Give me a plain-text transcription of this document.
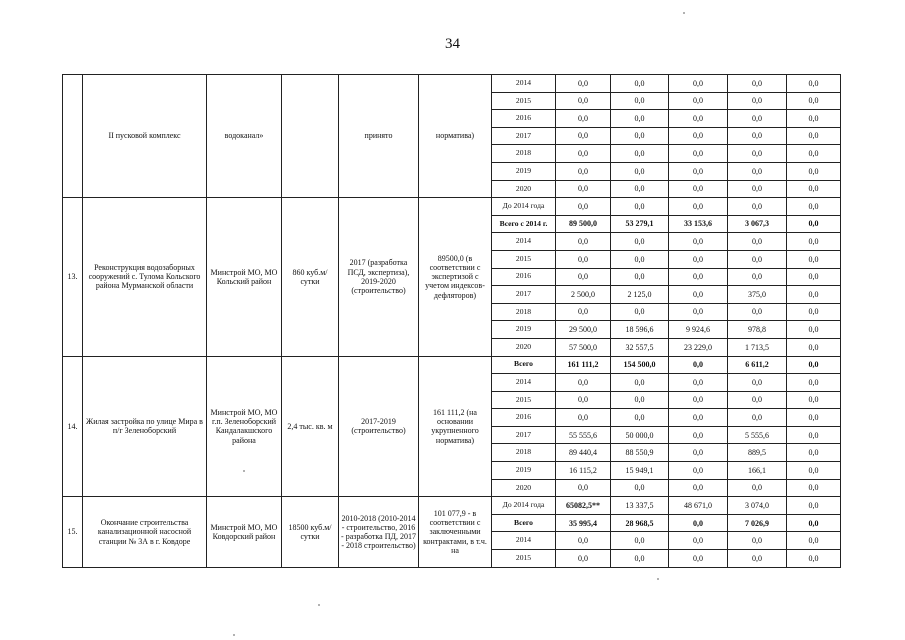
34
	II пусковой комплекс	водоканал»		принято	норматива)	2014	0,0	0,0	0,0	0,0	0,0
						2015	0,0	0,0	0,0	0,0	0,0
						2016	0,0	0,0	0,0	0,0	0,0
						2017	0,0	0,0	0,0	0,0	0,0
						2018	0,0	0,0	0,0	0,0	0,0
						2019	0,0	0,0	0,0	0,0	0,0
						2020	0,0	0,0	0,0	0,0	0,0
13.	Реконструкция водозаборных сооружений с. Тулома Кольского района Мурманской области	Минстрой МО, МО Кольский район	860 куб.м/сутки	2017 (разработка ПСД, экспертиза), 2019-2020 (строительство)	89500,0 (в соответствии с экспертизой с учетом индексов-дефляторов)	До 2014 года	0,0	0,0	0,0	0,0	0,0
						Всего с 2014 г.	89 500,0	53 279,1	33 153,6	3 067,3	0,0
						2014	0,0	0,0	0,0	0,0	0,0
						2015	0,0	0,0	0,0	0,0	0,0
						2016	0,0	0,0	0,0	0,0	0,0
						2017	2 500,0	2 125,0	0,0	375,0	0,0
						2018	0,0	0,0	0,0	0,0	0,0
						2019	29 500,0	18 596,6	9 924,6	978,8	0,0
						2020	57 500,0	32 557,5	23 229,0	1 713,5	0,0
14.	Жилая застройка по улице Мира в п/г Зеленоборский	Минстрой МО, МО г.п. Зеленоборский Кандалакшского района	2,4 тыс. кв. м	2017-2019 (строительство)	161 111,2 (на основании укрупненного норматива)	Всего	161 111,2	154 500,0	0,0	6 611,2	0,0
						2014	0,0	0,0	0,0	0,0	0,0
						2015	0,0	0,0	0,0	0,0	0,0
						2016	0,0	0,0	0,0	0,0	0,0
						2017	55 555,6	50 000,0	0,0	5 555,6	0,0
						2018	89 440,4	88 550,9	0,0	889,5	0,0
						2019	16 115,2	15 949,1	0,0	166,1	0,0
						2020	0,0	0,0	0,0	0,0	0,0
15.	Окончание строительства канализационной насосной станции № 3А в г. Ковдоре	Минстрой МО, МО Ковдорский район	18500 куб.м/сутки	2010-2018 (2010-2014 - строительство, 2016 - разработка ПД, 2017 - 2018 строительство)	101 077,9 - в соответствии с заключенными контрактами, в т.ч. на	До 2014 года	65082,5**	13 337,5	48 671,0	3 074,0	0,0
						Всего	35 995,4	28 968,5	0,0	7 026,9	0,0
						2014	0,0	0,0	0,0	0,0	0,0
						2015	0,0	0,0	0,0	0,0	0,0
